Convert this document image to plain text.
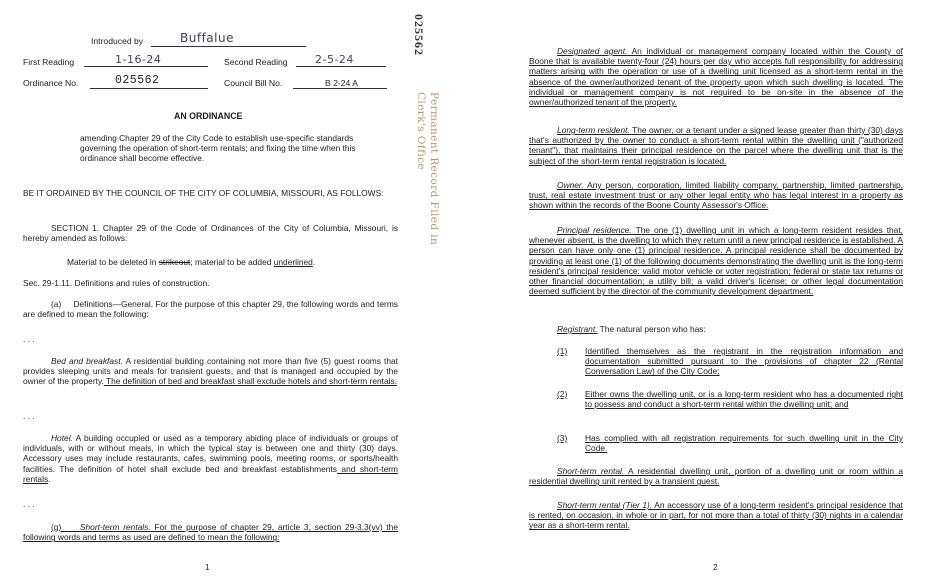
Introduced by	Buffalue
First Reading	1-16-24	Second Reading 2-5-24
Ordinance No.	025562	Council Bill No.	B 2-24 A
AN ORDINANCE
amending Chapter 29 of the City Code to establish use-specific standards governing the operation of short-term rentals; and fixing the time when this ordinance shall become effective.
BE IT ORDAINED BY THE COUNCIL OF THE CITY OF COLUMBIA, MISSOURI, AS FOLLOWS:
SECTION 1. Chapter 29 of the Code of Ordinances of the City of Columbia, Missouri, is hereby amended as follows:
Material to be deleted in strikeout; material to be added underlined.
Sec. 29-1.11. Definitions and rules of construction.
(a)     Definitions—General. For the purpose of this chapter 29, the following words and terms are defined to mean the following:
. . .
Bed and breakfast. A residential building containing not more than five (5) guest rooms that provides sleeping units and meals for transient guests, and that is managed and occupied by the owner of the property. The definition of bed and breakfast shall exclude hotels and short-term rentals.
. . .
Hotel. A building occupied or used as a temporary abiding place of individuals or groups of individuals, with or without meals, in which the typical stay is between one and thirty (30) days. Accessory uses may include restaurants, cafes, swimming pools, meeting rooms, or sports/health facilities. The definition of hotel shall exclude bed and breakfast establishments and short-term rentals.
. . .
(g) Short-term rentals. For the purpose of chapter 29, article 3, section 29-3.3(vv) the following words and terms as used are defined to mean the following:
1
025562
Permanent Record Filed in Clerk's Office
Designated agent. An individual or management company located within the County of Boone that is available twenty-four (24) hours per day who accepts full responsibility for addressing matters arising with the operation or use of a dwelling unit licensed as a short-term rental in the absence of the owner/authorized tenant of the property upon which such dwelling is located. The individual or management company is not required to be on-site in the absence of the owner/authorized tenant of the property.
Long-term resident. The owner, or a tenant under a signed lease greater than thirty (30) days that's authorized by the owner to conduct a short-term rental within the dwelling unit ("authorized tenant"), that maintains their principal residence on the parcel where the dwelling unit that is the subject of the short-term rental registration is located.
Owner. Any person, corporation, limited liability company, partnership, limited partnership, trust, real estate investment trust or any other legal entity who has legal interest in a property as shown within the records of the Boone County Assessor's Office.
Principal residence. The one (1) dwelling unit in which a long-term resident resides that, whenever absent, is the dwelling to which they return until a new principal residence is established. A person can have only one (1) principal residence. A principal residence shall be documented by providing at least one (1) of the following documents demonstrating the dwelling unit is the long-term resident's principal residence: valid motor vehicle or voter registration; federal or state tax returns or other financial documentation; a utility bill; a valid driver's license; or other legal documentation deemed sufficient by the director of the community development department.
Registrant. The natural person who has:
(1) Identified themselves as the registrant in the registration information and documentation submitted pursuant to the provisions of chapter 22 (Rental Conversation Law) of the City Code;
(2) Either owns the dwelling unit, or is a long-term resident who has a documented right to possess and conduct a short-term rental within the dwelling unit; and
(3) Has complied with all registration requirements for such dwelling unit in the City Code.
Short-term rental. A residential dwelling unit, portion of a dwelling unit or room within a residential dwelling unit rented by a transient guest.
Short-term rental (Tier 1). An accessory use of a long-term resident's principal residence that is rented, on occasion, in whole or in part, for not more than a total of thirty (30) nights in a calendar year as a short-term rental.
2
